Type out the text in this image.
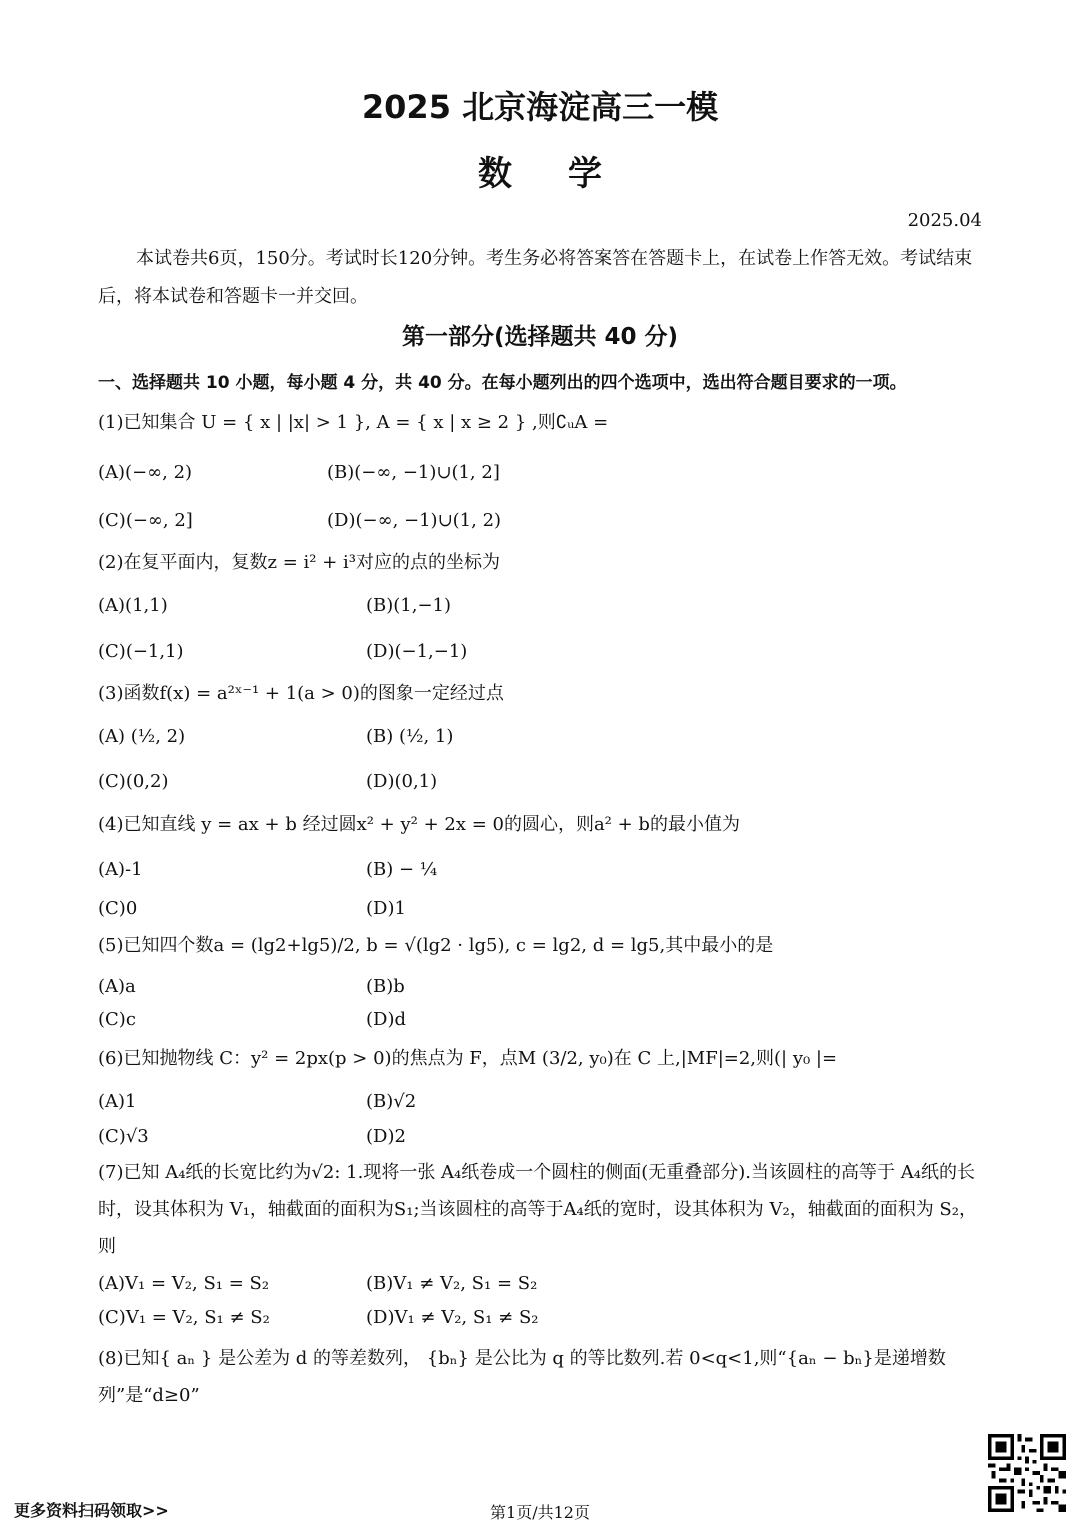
2025 北京海淀高三一模
数学
2025.04
本试卷共6页，150分。考试时长120分钟。考生务必将答案答在答题卡上，在试卷上作答无效。考试结束后，将本试卷和答题卡一并交回。
第一部分(选择题共 40 分)
一、选择题共 10 小题，每小题 4 分，共 40 分。在每小题列出的四个选项中，选出符合题目要求的一项。
(1)已知集合 U = { x | |x| > 1 }, A = { x | x ≥ 2 } ,则∁ᵤA =
(A)(−∞, 2)	(B)(−∞, −1)∪(1, 2]
(C)(−∞, 2]	(D)(−∞, −1)∪(1, 2)
(2)在复平面内，复数z = i² + i³对应的点的坐标为
(A)(1,1)	(B)(1,−1)
(C)(−1,1)	(D)(−1,−1)
(3)函数f(x) = a²ˣ⁻¹ + 1(a > 0)的图象一定经过点
(A) (½, 2)	(B) (½, 1)
(C)(0,2)	(D)(0,1)
(4)已知直线 y = ax + b 经过圆x² + y² + 2x = 0的圆心，则a² + b的最小值为
(A)-1	(B) − ¼
(C)0	(D)1
(5)已知四个数a = (lg2+lg5)/2, b = √(lg2 · lg5), c = lg2, d = lg5,其中最小的是
(A)a	(B)b
(C)c	(D)d
(6)已知抛物线 C：y² = 2px(p > 0)的焦点为 F，点M (3/2, y₀)在 C 上,|MF|=2,则(| y₀ |=
(A)1	(B)√2
(C)√3	(D)2
(7)已知 A₄纸的长宽比约为√2: 1.现将一张 A₄纸卷成一个圆柱的侧面(无重叠部分).当该圆柱的高等于 A₄纸的长时，设其体积为 V₁，轴截面的面积为S₁;当该圆柱的高等于A₄纸的宽时，设其体积为 V₂，轴截面的面积为 S₂，则
(A)V₁ = V₂, S₁ = S₂	(B)V₁ ≠ V₂, S₁ = S₂
(C)V₁ = V₂, S₁ ≠ S₂	(D)V₁ ≠ V₂, S₁ ≠ S₂
(8)已知{ aₙ } 是公差为 d 的等差数列， {bₙ} 是公比为 q 的等比数列.若 0<q<1,则“{aₙ − bₙ}是递增数列”是“d≥0”
更多资料扫码领取>>	第1页/共12页
